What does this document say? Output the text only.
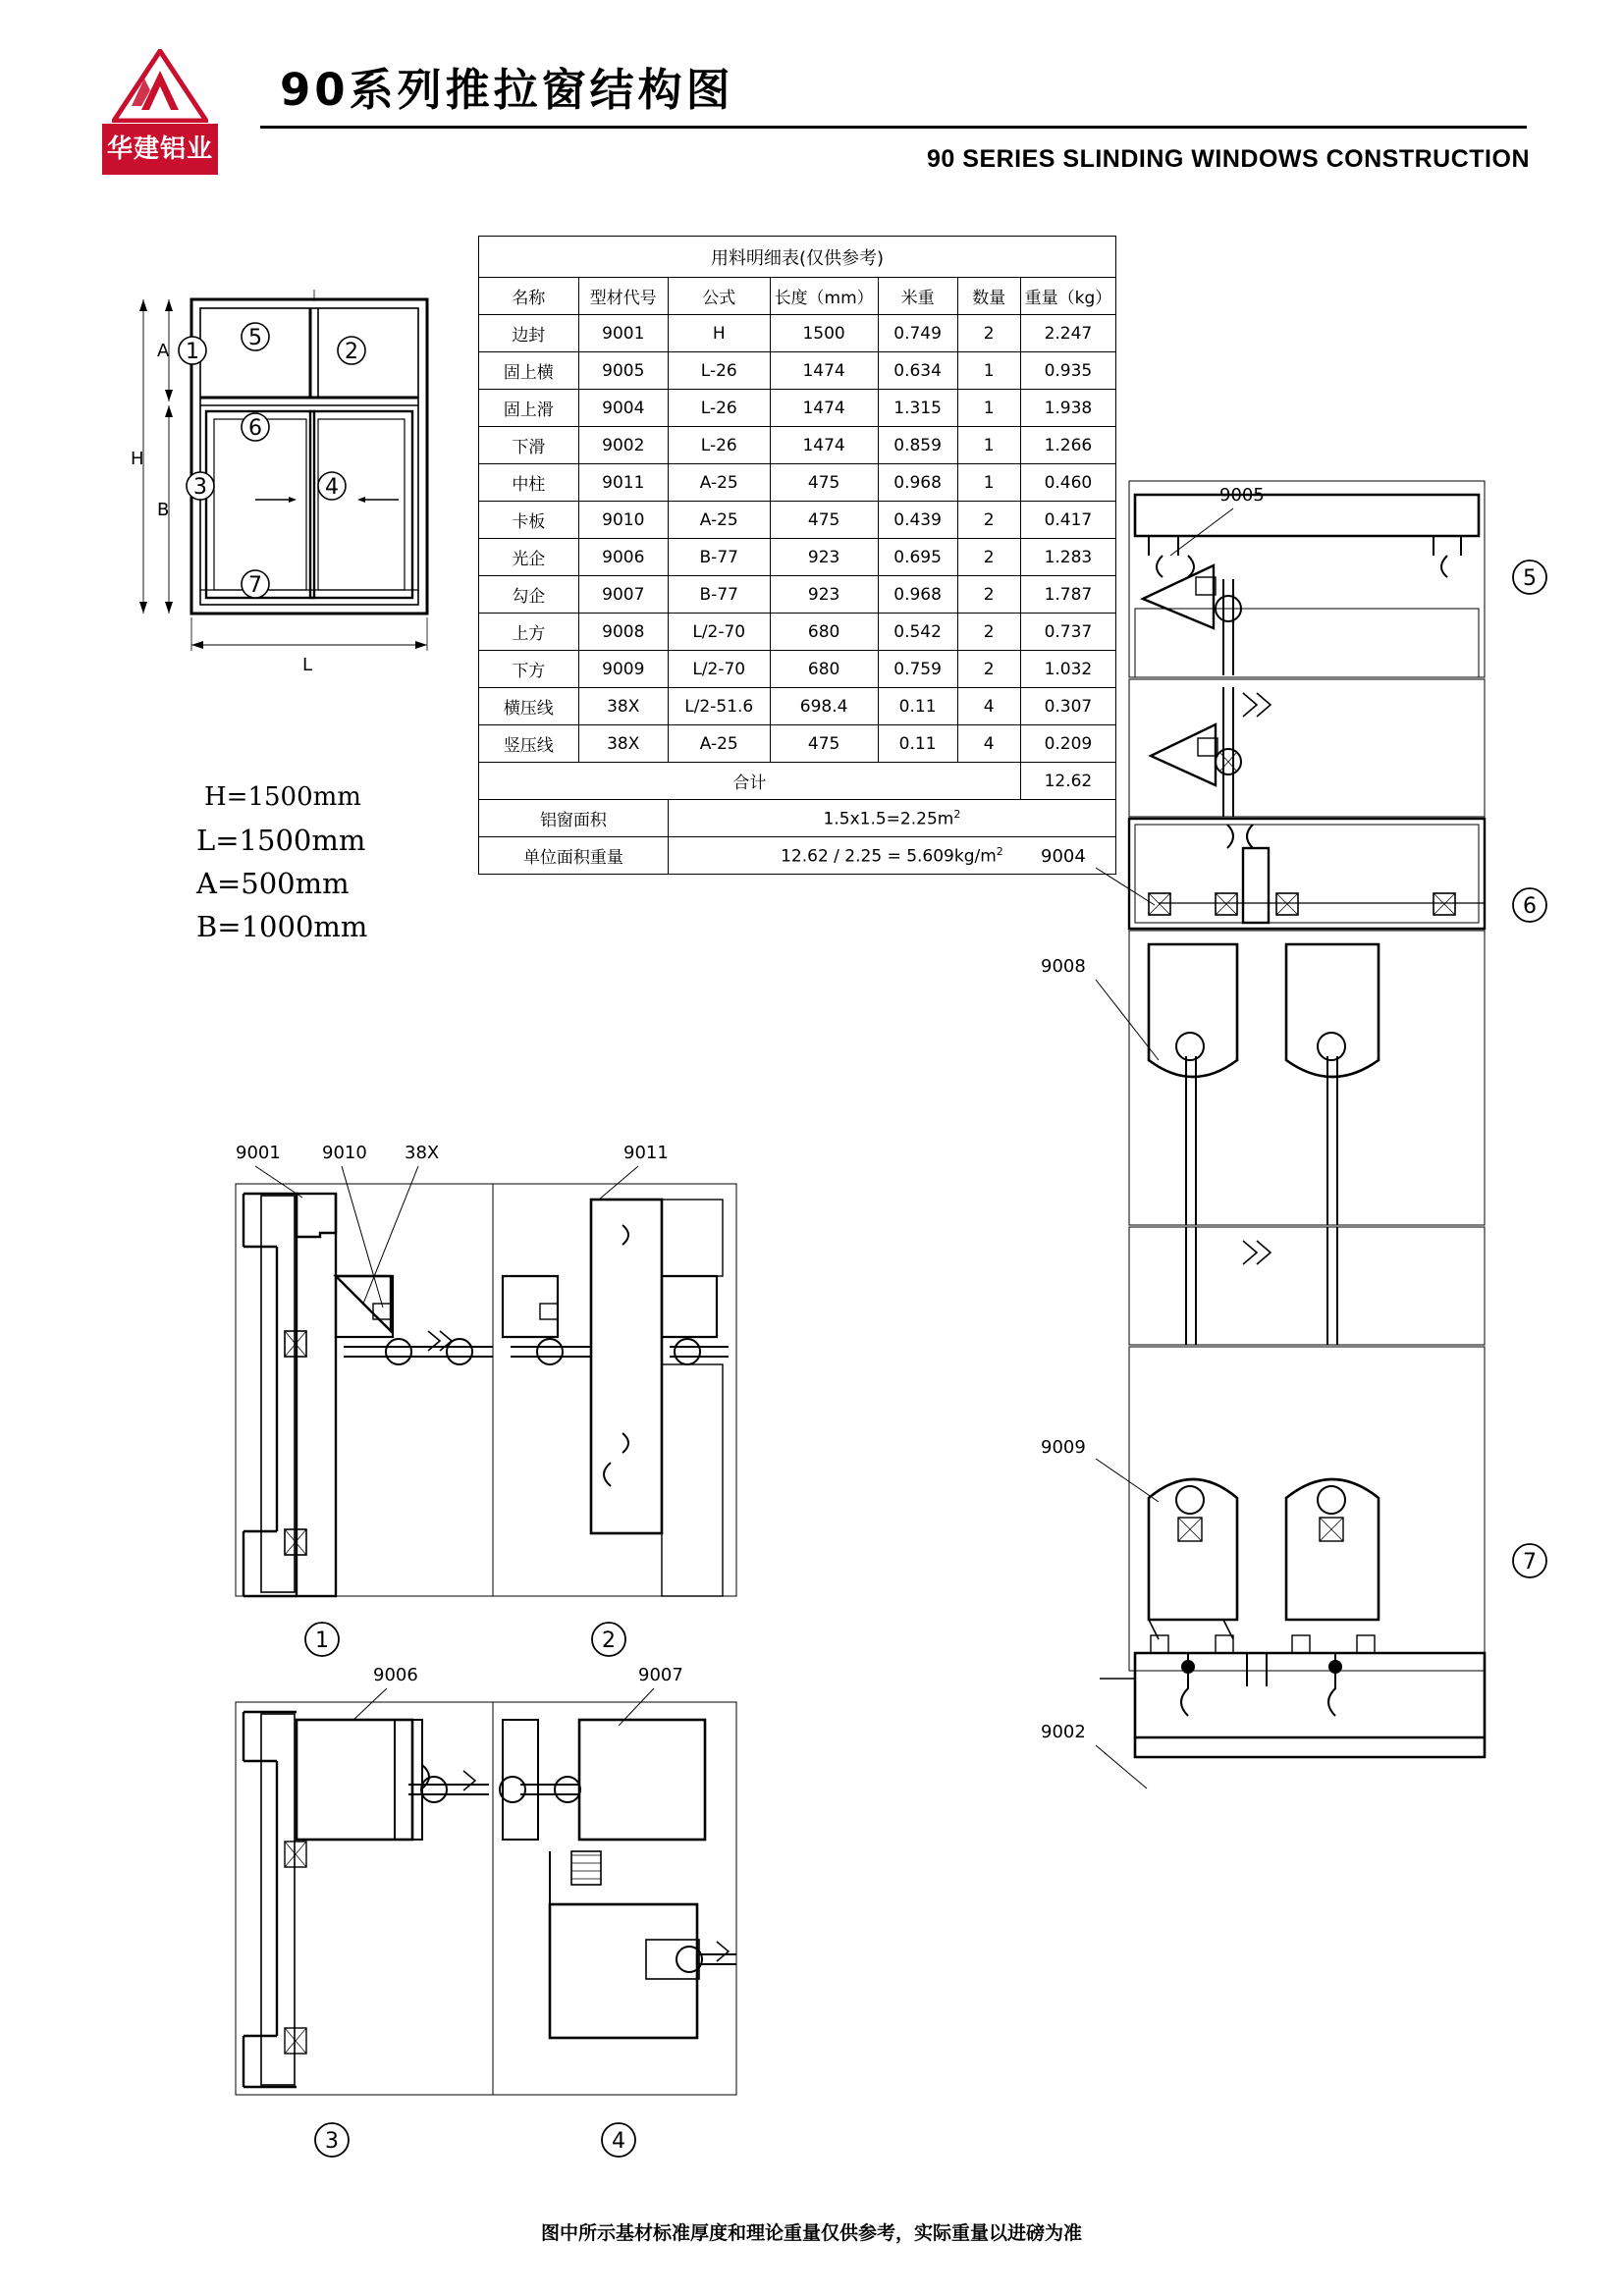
华建铝业
90系列推拉窗结构图
90 SERIES SLINDING WINDOWS CONSTRUCTION
H
A
B
L
1
5
2
6
3	4
7
H=1500mm
L=1500mm
A=500mm
B=1000mm
用料明细表(仅供参考)						
名称	型材代号	公式	长度（mm）	米重	数量	重量（kg）
边封	9001	H	1500	0.749	2	2.247
固上横	9005	L-26	1474	0.634	1	0.935
固上滑	9004	L-26	1474	1.315	1	1.938
下滑	9002	L-26	1474	0.859	1	1.266
中柱	9011	A-25	475	0.968	1	0.460
卡板	9010	A-25	475	0.439	2	0.417
光企	9006	B-77	923	0.695	2	1.283
勾企	9007	B-77	923	0.968	2	1.787
上方	9008	L/2-70	680	0.542	2	0.737
下方	9009	L/2-70	680	0.759	2	1.032
横压线	38X	L/2-51.6	698.4	0.11	4	0.307
竖压线	38X	A-25	475	0.11	4	0.209
合计						12.62
铝窗面积		$1.5x1.5=2.25m^2$
单位面积重量		$12.62 / 2.25 = 5.609kg/m^2$
9001 9010 38X	9011
1	2
9006	9007
3	4
9005
9004
9008
9009
9002
5
6
7
图中所示基材标准厚度和理论重量仅供参考，实际重量以进磅为准
